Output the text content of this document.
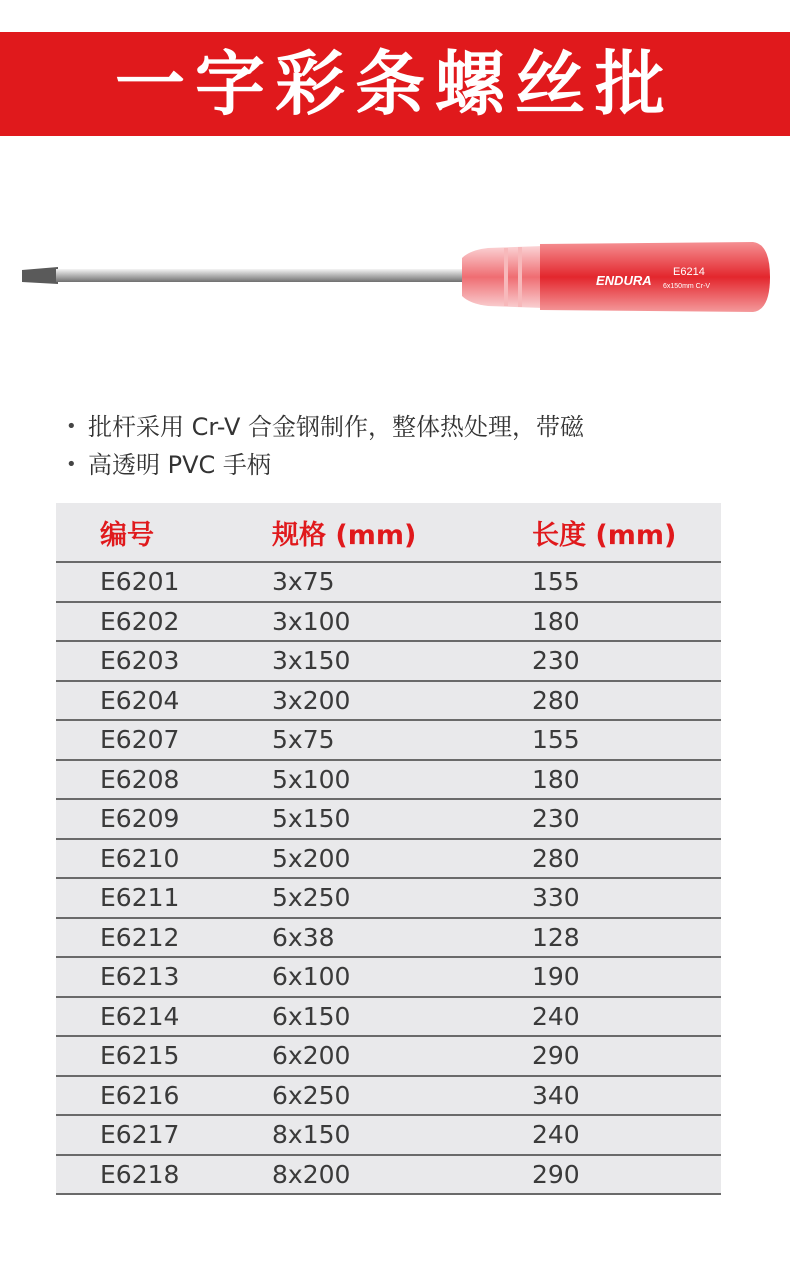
一字彩条螺丝批
ENDURA
E6214
6x150mm Cr-V
• 批杆采用 Cr-V 合金钢制作，整体热处理，带磁
• 高透明 PVC 手柄
编号	规格 (mm)	长度 (mm)
E6201	3x75	155
E6202	3x100	180
E6203	3x150	230
E6204	3x200	280
E6207	5x75	155
E6208	5x100	180
E6209	5x150	230
E6210	5x200	280
E6211	5x250	330
E6212	6x38	128
E6213	6x100	190
E6214	6x150	240
E6215	6x200	290
E6216	6x250	340
E6217	8x150	240
E6218	8x200	290
